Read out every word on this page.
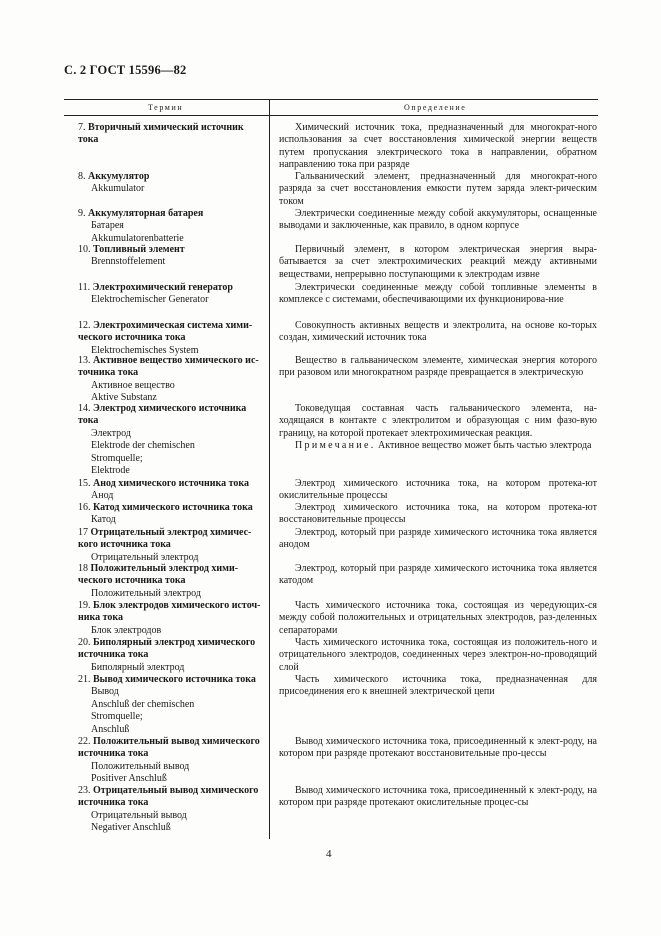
С. 2 ГОСТ 15596—82
Термин	Определение
7. Вторичный химический источник тока
Химический источник тока, предназначенный для многократ-ного использования за счет восстановления химической энергии веществ путем пропускания электрического тока в направлении, обратном направлению тока при разряде
8. Аккумулятор
Akkumulator
Гальванический элемент, предназначенный для многократ-ного разряда за счет восстановления емкости путем заряда элект-рическим током
9. Аккумуляторная батарея
Батарея
Akkumulatorenbatterie
Электрически соединенные между собой аккумуляторы, оснащенные выводами и заключенные, как правило, в одном корпусе
10. Топливный элемент
Brennstoffelement
Первичный элемент, в котором электрическая энергия выра-батывается за счет электрохимических реакций между активными веществами, непрерывно поступающими к электродам извне
11. Электрохимический генератор
Elektrochemischer Generator
Электрически соединенные между собой топливные элементы в комплексе с системами, обеспечивающими их функционирова-ние
12. Электрохимическая система хими-ческого источника тока
Elektrochemisches System
Совокупность активных веществ и электролита, на основе ко-торых создан, химический источник тока
13. Активное вещество химического ис-точника тока
Активное вещество
Aktive Substanz
Вещество в гальваническом элементе, химическая энергия которого при разовом или многократном разряде превращается в электрическую
14. Электрод химического источника тока
Электрод
Elektrode der chemischen
Stromquelle;
Elektrode
Токоведущая составная часть гальванического элемента, на-ходящаяся в контакте с электролитом и образующая с ним фазо-вую границу, на которой протекает электрохимическая реакция.
Примечание. Активное вещество может быть частью электрода
15. Анод химического источника тока
Анод
Электрод химического источника тока, на котором протека-ют окислительные процессы
16. Катод химического источника тока
Катод
Электрод химического источника тока, на котором протека-ют восстановительные процессы
17 Отрицательный электрод химичес-кого источника тока
Отрицательный электрод
Электрод, который при разряде химического источника тока является анодом
18 Положительный электрод хими-ческого источника тока
Положительный электрод
Электрод, который при разряде химического источника тока является катодом
19. Блок электродов химического источ-ника тока
Блок электродов
Часть химического источника тока, состоящая из чередующих-ся между собой положительных и отрицательных электродов, раз-деленных сепараторами
20. Биполярный электрод химического источника тока
Биполярный электрод
Часть химического источника тока, состоящая из положитель-ного и отрицательного электродов, соединенных через электрон-но-проводящий слой
21. Вывод химического источника тока
Вывод
Anschluß der chemischen
Stromquelle;
Anschluß
Часть химического источника тока, предназначенная для присоединения его к внешней электрической цепи
22. Положительный вывод химического источника тока
Положительный вывод
Positiver Anschluß
Вывод химического источника тока, присоединенный к элект-роду, на котором при разряде протекают восстановительные про-цессы
23. Отрицательный вывод химического источника тока
Отрицательный вывод
Negativer Anschluß
Вывод химического источника тока, присоединенный к элект-роду, на котором при разряде протекают окислительные процес-сы
4
